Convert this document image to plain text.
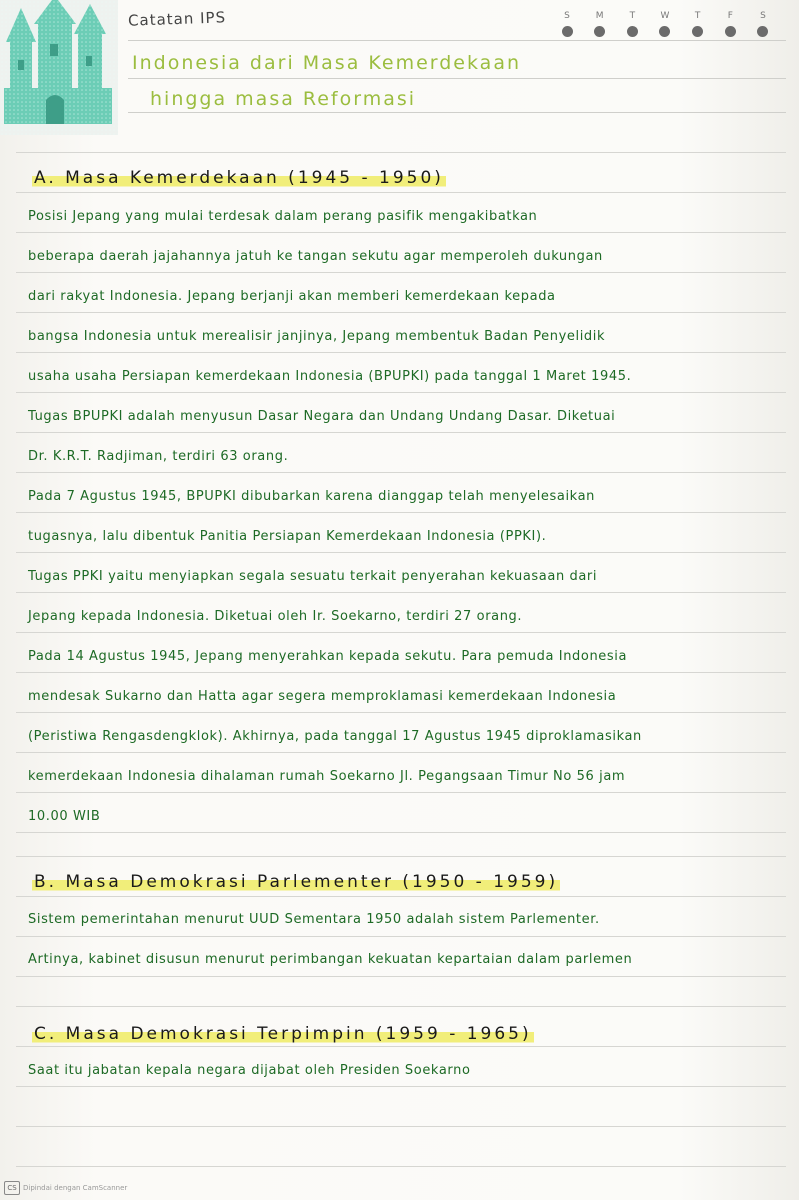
Catatan IPS	S	M	T	W	T	F	S
Indonesia dari Masa Kemerdekaan
hingga masa Reformasi
A. Masa Kemerdekaan (1945 - 1950)
Posisi Jepang yang mulai terdesak dalam perang pasifik mengakibatkan
beberapa daerah jajahannya jatuh ke tangan sekutu agar memperoleh dukungan
dari rakyat Indonesia. Jepang berjanji akan memberi kemerdekaan kepada
bangsa Indonesia untuk merealisir janjinya, Jepang membentuk Badan Penyelidik
usaha usaha Persiapan kemerdekaan Indonesia (BPUPKI) pada tanggal 1 Maret 1945.
Tugas BPUPKI adalah menyusun Dasar Negara dan Undang Undang Dasar. Diketuai
Dr. K.R.T. Radjiman, terdiri 63 orang.
Pada 7 Agustus 1945, BPUPKI dibubarkan karena dianggap telah menyelesaikan
tugasnya, lalu dibentuk Panitia Persiapan Kemerdekaan Indonesia (PPKI).
Tugas PPKI yaitu menyiapkan segala sesuatu terkait penyerahan kekuasaan dari
Jepang kepada Indonesia. Diketuai oleh Ir. Soekarno, terdiri 27 orang.
Pada 14 Agustus 1945, Jepang menyerahkan kepada sekutu. Para pemuda Indonesia
mendesak Sukarno dan Hatta agar segera memproklamasi kemerdekaan Indonesia
(Peristiwa Rengasdengklok). Akhirnya, pada tanggal 17 Agustus 1945 diproklamasikan
kemerdekaan Indonesia dihalaman rumah Soekarno Jl. Pegangsaan Timur No 56 jam
10.00 WIB
B. Masa Demokrasi Parlementer (1950 - 1959)
Sistem pemerintahan menurut UUD Sementara 1950 adalah sistem Parlementer.
Artinya, kabinet disusun menurut perimbangan kekuatan kepartaian dalam parlemen
C. Masa Demokrasi Terpimpin (1959 - 1965)
Saat itu jabatan kepala negara dijabat oleh Presiden Soekarno
CS Dipindai dengan CamScanner
